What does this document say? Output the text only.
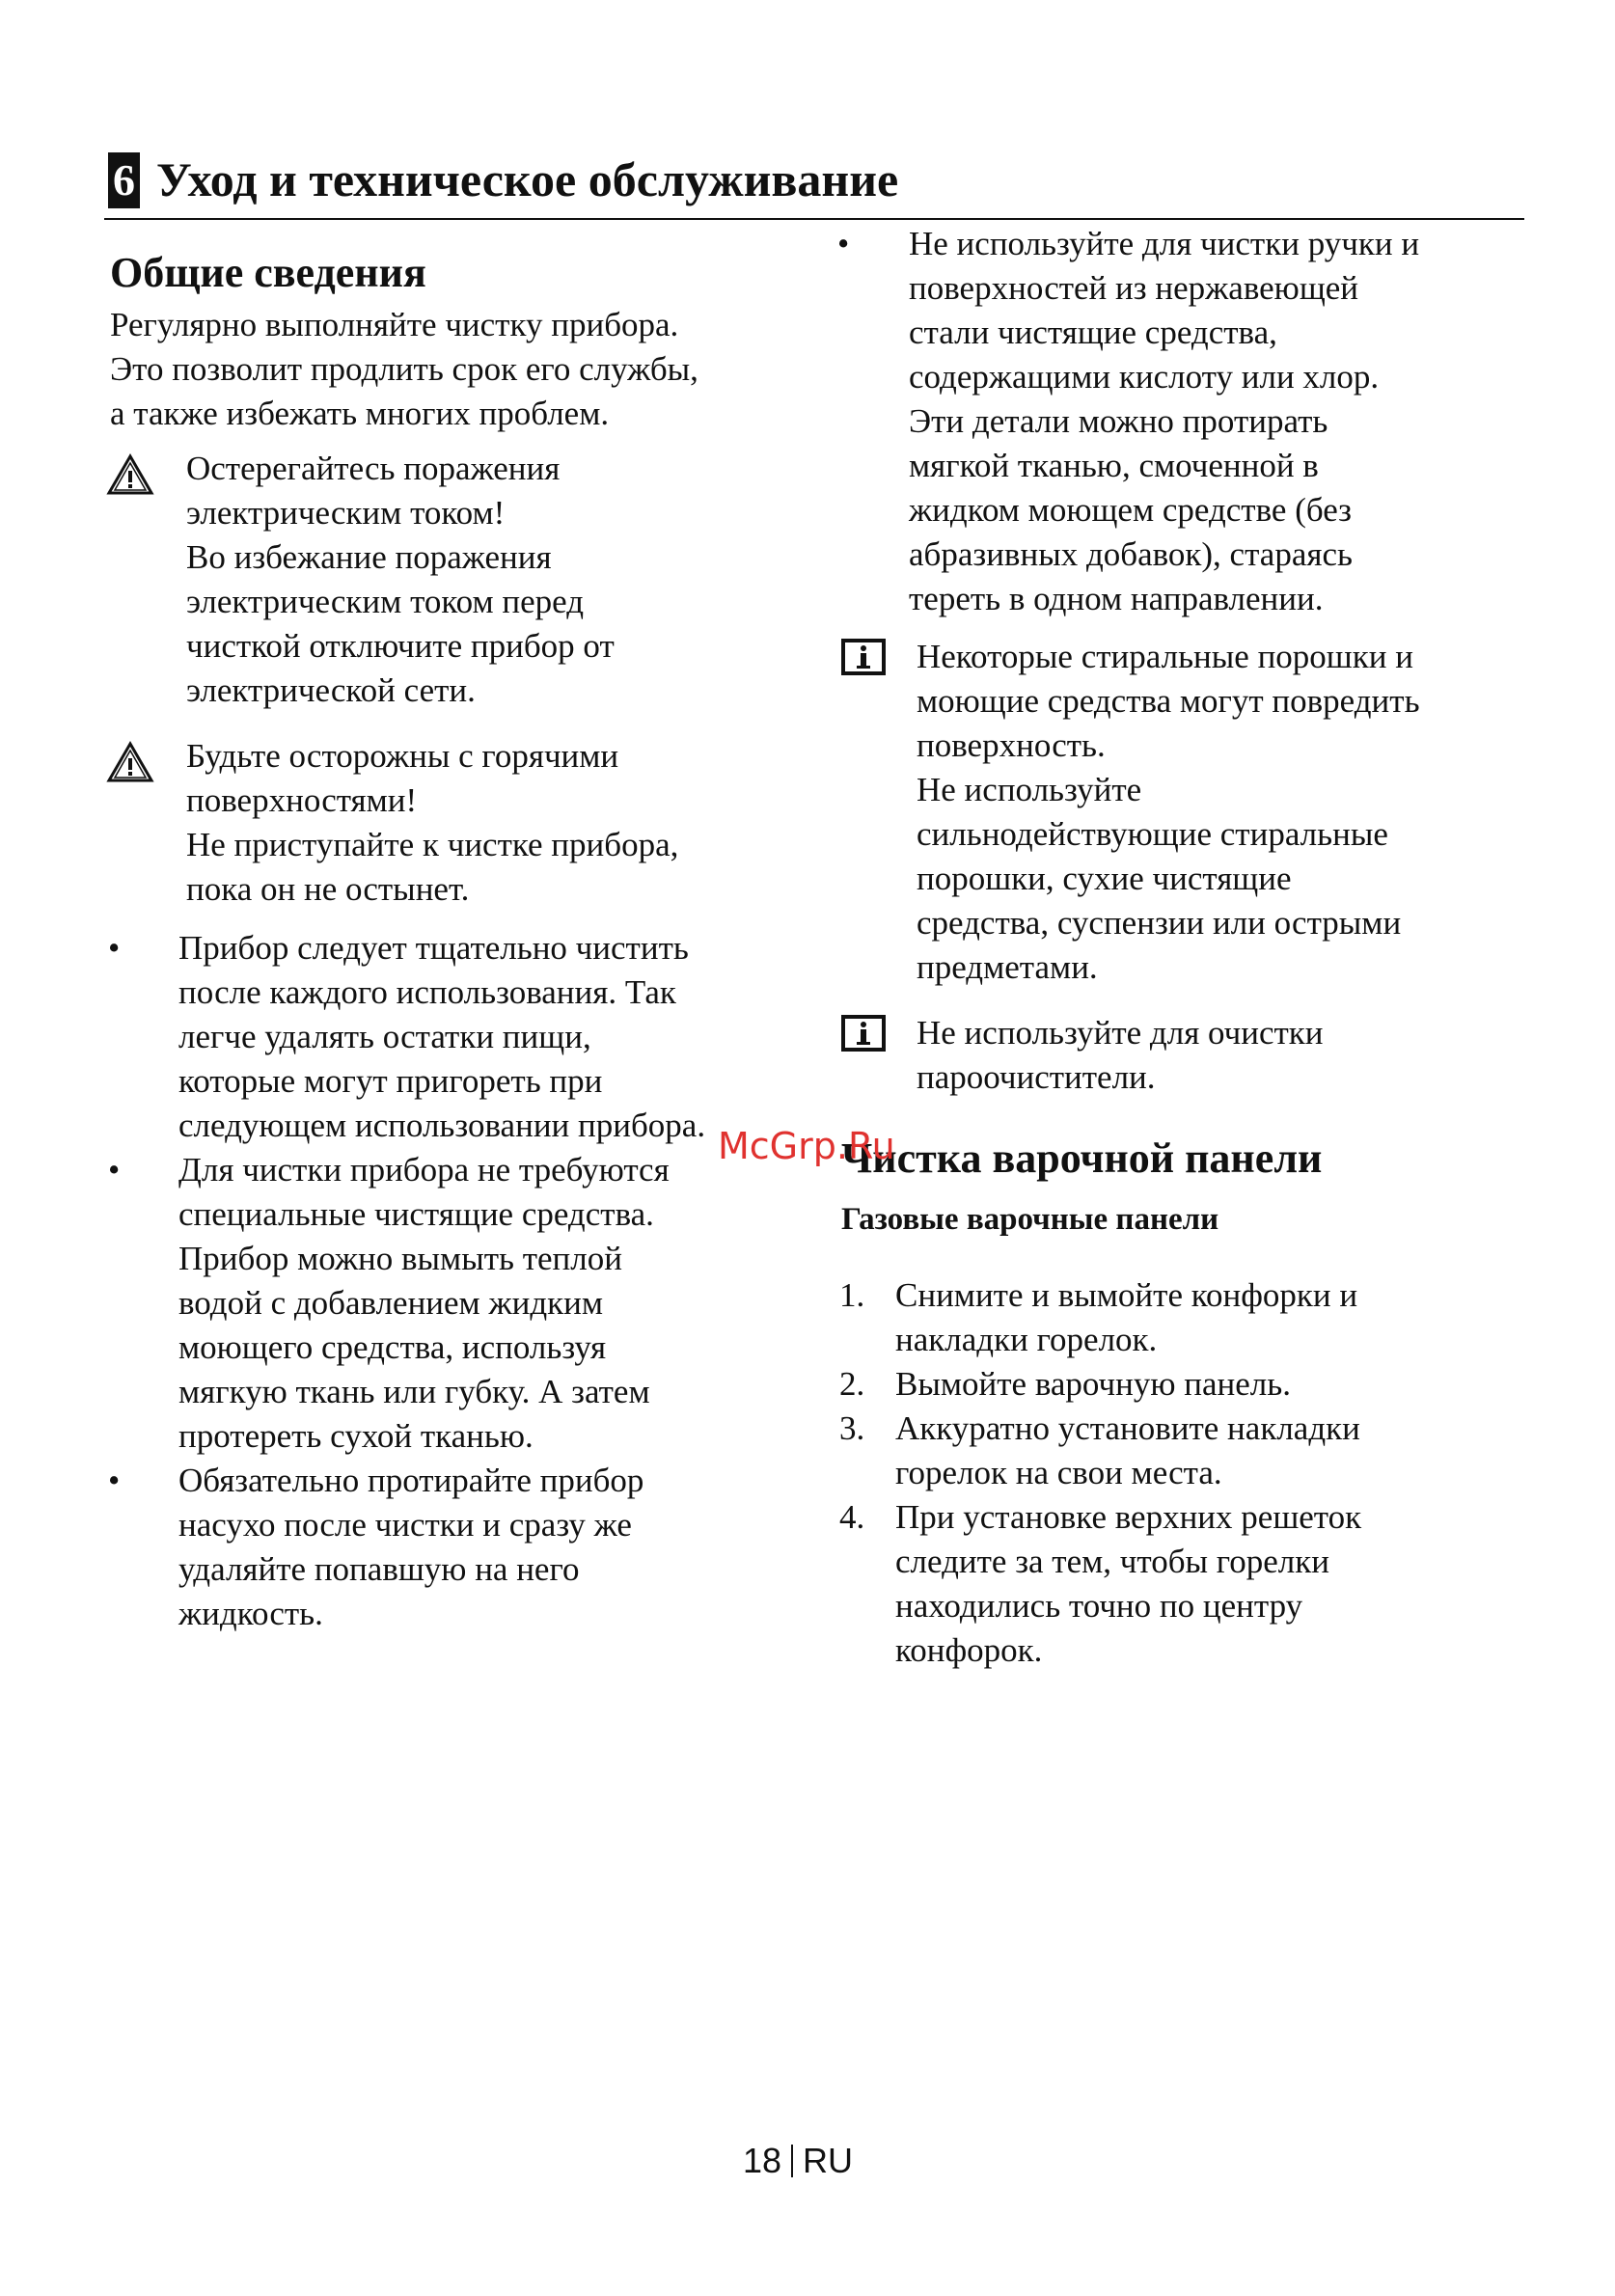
6 Уход и техническое обслуживание
Общие сведения
Регулярно выполняйте чистку прибора.
Это позволит продлить срок его службы,
а также избежать многих проблем.
Остерегайтесь поражения
электрическим током!
Во избежание поражения
электрическим током перед
чисткой отключите прибор от
электрической сети.
Будьте осторожны с горячими
поверхностями!
Не приступайте к чистке прибора,
пока он не остынет.
• Прибор следует тщательно чистить
после каждого использования. Так
легче удалять остатки пищи,
которые могут пригореть при
следующем использовании прибора.
• Для чистки прибора не требуются
специальные чистящие средства.
Прибор можно вымыть теплой
водой с добавлением жидким
моющего средства, используя
мягкую ткань или губку. А затем
протереть сухой тканью.
• Обязательно протирайте прибор
насухо после чистки и сразу же
удаляйте попавшую на него
жидкость.
• Не используйте для чистки ручки и
поверхностей из нержавеющей
стали чистящие средства,
содержащими кислоту или хлор.
Эти детали можно протирать
мягкой тканью, смоченной в
жидком моющем средстве (без
абразивных добавок), стараясь
тереть в одном направлении.
Некоторые стиральные порошки и
моющие средства могут повредить
поверхность.
Не используйте
сильнодействующие стиральные
порошки, сухие чистящие
средства, суспензии или острыми
предметами.
Не используйте для очистки
пароочистители.
Чистка варочной панели
Газовые варочные панели
1. Снимите и вымойте конфорки и
накладки горелок.
2. Вымойте варочную панель.
3. Аккуратно установите накладки
горелок на свои места.
4. При установке верхних решеток
следите за тем, чтобы горелки
находились точно по центру
конфорок.
McGrp.Ru
18 RU
